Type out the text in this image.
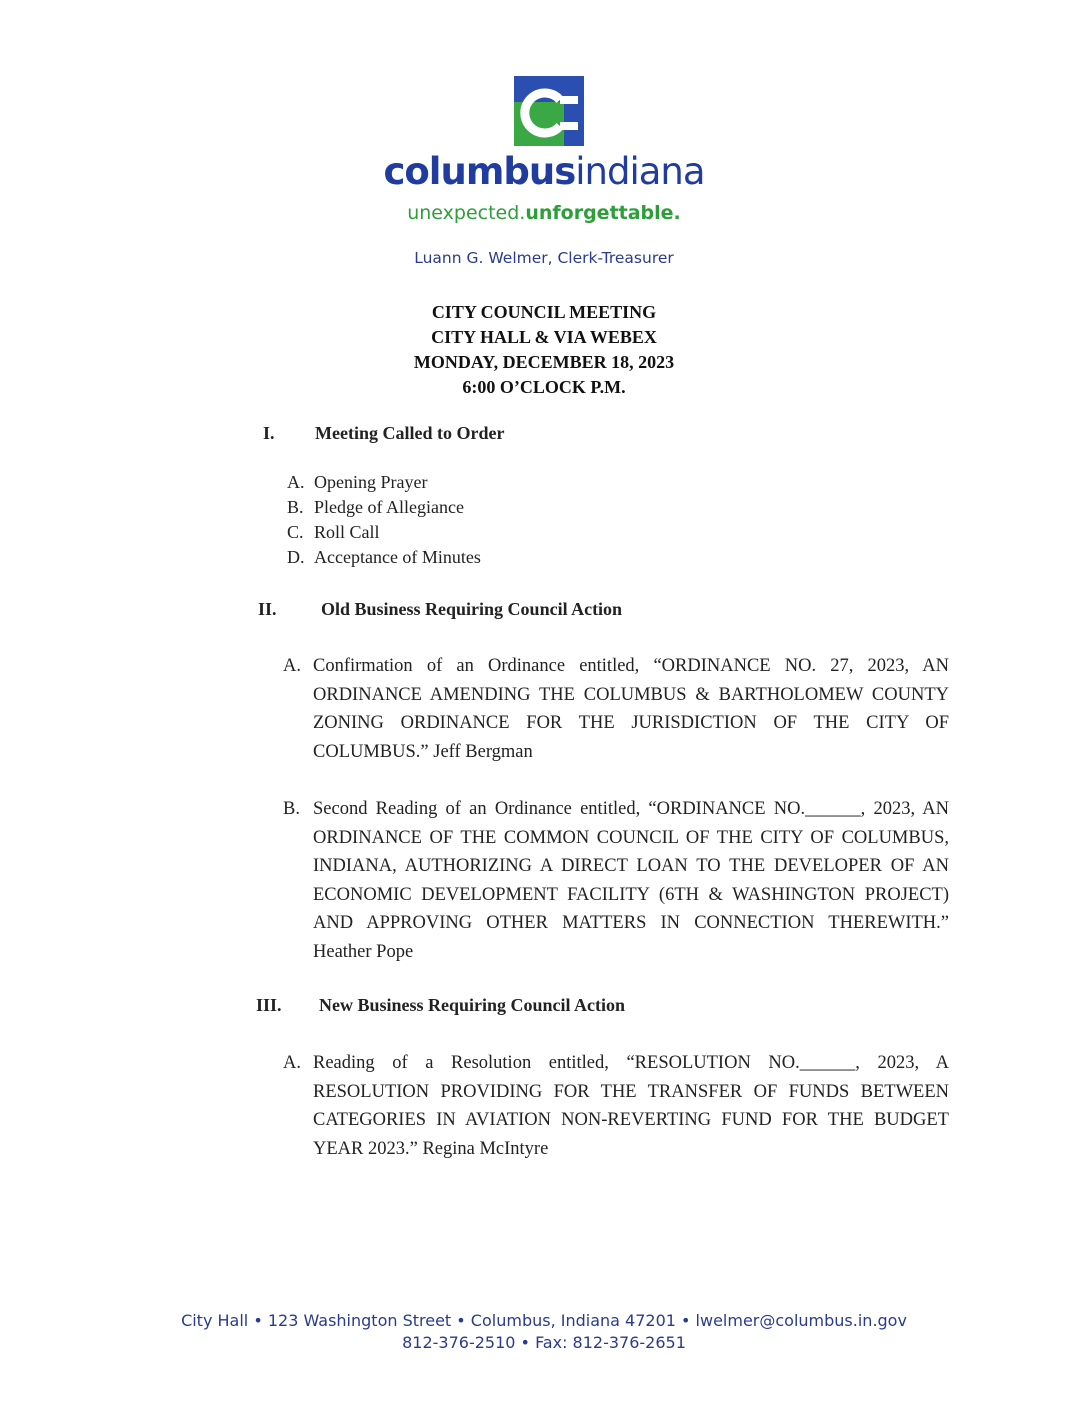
columbusindiana
unexpected.unforgettable.
Luann G. Welmer, Clerk-Treasurer
CITY COUNCIL MEETING
CITY HALL & VIA WEBEX
MONDAY, DECEMBER 18, 2023
6:00 O’CLOCK P.M.
I. Meeting Called to Order
A. Opening Prayer
B. Pledge of Allegiance
C. Roll Call
D. Acceptance of Minutes
II. Old Business Requiring Council Action
A. Confirmation of an Ordinance entitled, “ORDINANCE NO. 27, 2023, AN ORDINANCE AMENDING THE COLUMBUS & BARTHOLOMEW COUNTY ZONING ORDINANCE FOR THE JURISDICTION OF THE CITY OF COLUMBUS.” Jeff Bergman
B. Second Reading of an Ordinance entitled, “ORDINANCE NO.______, 2023, AN ORDINANCE OF THE COMMON COUNCIL OF THE CITY OF COLUMBUS, INDIANA, AUTHORIZING A DIRECT LOAN TO THE DEVELOPER OF AN ECONOMIC DEVELOPMENT FACILITY (6TH & WASHINGTON PROJECT) AND APPROVING OTHER MATTERS IN CONNECTION THEREWITH.” Heather Pope
III. New Business Requiring Council Action
A. Reading of a Resolution entitled, “RESOLUTION NO.______, 2023, A RESOLUTION PROVIDING FOR THE TRANSFER OF FUNDS BETWEEN CATEGORIES IN AVIATION NON-REVERTING FUND FOR THE BUDGET YEAR 2023.” Regina McIntyre
City Hall • 123 Washington Street • Columbus, Indiana 47201 • lwelmer@columbus.in.gov
812-376-2510 • Fax: 812-376-2651
